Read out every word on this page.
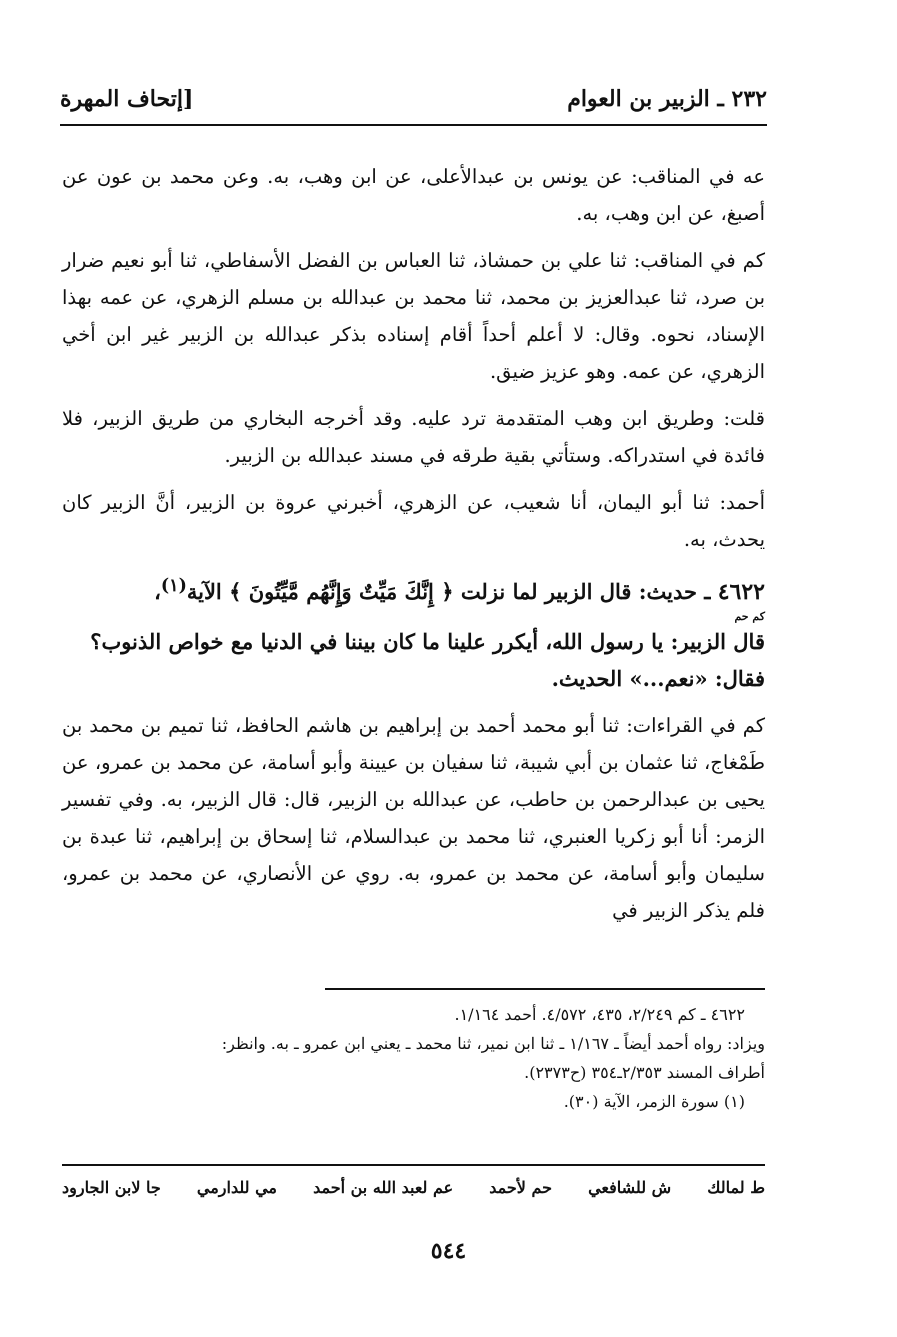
٢٣٢ ـ الزبير بن العوام
[إتحاف المهرة

عه في المناقب: عن يونس بن عبدالأعلى، عن ابن وهب، به. وعن محمد بن عون عن أصبغ، عن ابن وهب، به.

كم في المناقب: ثنا علي بن حمشاذ، ثنا العباس بن الفضل الأسفاطي، ثنا أبو نعيم ضرار بن صرد، ثنا عبدالعزيز بن محمد، ثنا محمد بن عبدالله بن مسلم الزهري، عن عمه بهذا الإسناد، نحوه. وقال: لا أعلم أحداً أقام إسناده بذكر عبدالله بن الزبير غير ابن أخي الزهري، عن عمه. وهو عزيز ضيق.

قلت: وطريق ابن وهب المتقدمة ترد عليه. وقد أخرجه البخاري من طريق الزبير، فلا فائدة في استدراكه. وستأتي بقية طرقه في مسند عبدالله بن الزبير.

أحمد: ثنا أبو اليمان، أنا شعيب، عن الزهري، أخبرني عروة بن الزبير، أنَّ الزبير كان يحدث، به.

٤٦٢٢ ـ حديث: قال الزبير لما نزلت ﴿ إِنَّكَ مَيِّتٌ وَإِنَّهُم مَّيِّتُونَ ﴾ الآية$^{(١)}$،
كم حم
قال الزبير: يا رسول الله، أيكرر علينا ما كان بيننا في الدنيا مع خواص الذنوب؟
فقال: «نعم...» الحديث.

كم في القراءات: ثنا أبو محمد أحمد بن إبراهيم بن هاشم الحافظ، ثنا تميم بن محمد بن طَمْغاج، ثنا عثمان بن أبي شيبة، ثنا سفيان بن عيينة وأبو أسامة، عن محمد بن عمرو، عن يحيى بن عبدالرحمن بن حاطب، عن عبدالله بن الزبير، قال: قال الزبير، به. وفي تفسير الزمر: أنا أبو زكريا العنبري، ثنا محمد بن عبدالسلام، ثنا إسحاق بن إبراهيم، ثنا عبدة بن سليمان وأبو أسامة، عن محمد بن عمرو، به. روي عن الأنصاري، عن محمد بن عمرو، فلم يذكر الزبير في

٤٦٢٢ ـ كم ٢/٢٤٩، ٤٣٥، ٤/٥٧٢. أحمد ١/١٦٤.

ويزاد: رواه أحمد أيضاً ـ ١/١٦٧ ـ ثنا ابن نمير، ثنا محمد ـ يعني ابن عمرو ـ به. وانظر:

أطراف المسند ٢/٣٥٣ـ٣٥٤ (ح٢٣٧٣).

(١) سورة الزمر، الآية (٣٠).

ط لمالك
ش للشافعي
حم لأحمد
عم لعبد الله بن أحمد
مي للدارمي
جا لابن الجارود
٥٤٤
